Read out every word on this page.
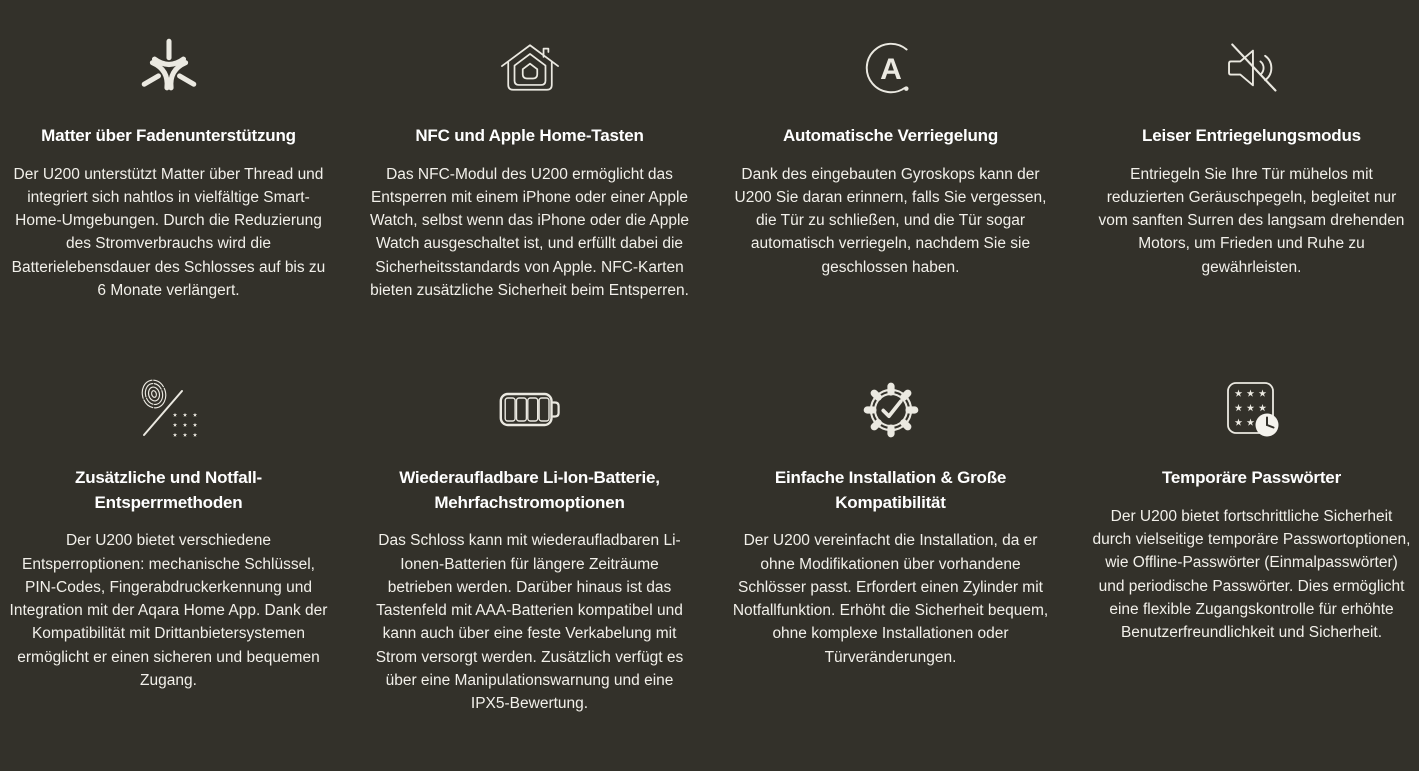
Matter über Fadenunterstützung

Der U200 unterstützt Matter über Thread und integriert sich nahtlos in vielfältige Smart-Home-Umgebungen. Durch die Reduzierung des Stromverbrauchs wird die Batterielebensdauer des Schlosses auf bis zu 6 Monate verlängert.

NFC und Apple Home-Tasten

Das NFC-Modul des U200 ermöglicht das Entsperren mit einem iPhone oder einer Apple Watch, selbst wenn das iPhone oder die Apple Watch ausgeschaltet ist, und erfüllt dabei die Sicherheitsstandards von Apple. NFC-Karten bieten zusätzliche Sicherheit beim Entsperren.

A
Automatische Verriegelung

Dank des eingebauten Gyroskops kann der U200 Sie daran erinnern, falls Sie vergessen, die Tür zu schließen, und die Tür sogar automatisch verriegeln, nachdem Sie sie geschlossen haben.

Leiser Entriegelungsmodus

Entriegeln Sie Ihre Tür mühelos mit reduzierten Geräuschpegeln, begleitet nur vom sanften Surren des langsam drehenden Motors, um Frieden und Ruhe zu gewährleisten.

Zusätzliche und Notfall-Entsperrmethoden

Der U200 bietet verschiedene Entsperroptionen: mechanische Schlüssel, PIN-Codes, Fingerabdruckerkennung und Integration mit der Aqara Home App. Dank der Kompatibilität mit Drittanbietersystemen ermöglicht er einen sicheren und bequemen Zugang.

Wiederaufladbare Li-Ion-Batterie, Mehrfachstromoptionen

Das Schloss kann mit wiederaufladbaren Li-Ionen-Batterien für längere Zeiträume betrieben werden. Darüber hinaus ist das Tastenfeld mit AAA-Batterien kompatibel und kann auch über eine feste Verkabelung mit Strom versorgt werden. Zusätzlich verfügt es über eine Manipulationswarnung und eine IPX5-Bewertung.

Einfache Installation & Große Kompatibilität

Der U200 vereinfacht die Installation, da er ohne Modifikationen über vorhandene Schlösser passt. Erfordert einen Zylinder mit Notfallfunktion. Erhöht die Sicherheit bequem, ohne komplexe Installationen oder Türveränderungen.

Temporäre Passwörter

Der U200 bietet fortschrittliche Sicherheit durch vielseitige temporäre Passwortoptionen, wie Offline-Passwörter (Einmalpasswörter) und periodische Passwörter. Dies ermöglicht eine flexible Zugangskontrolle für erhöhte Benutzerfreundlichkeit und Sicherheit.
